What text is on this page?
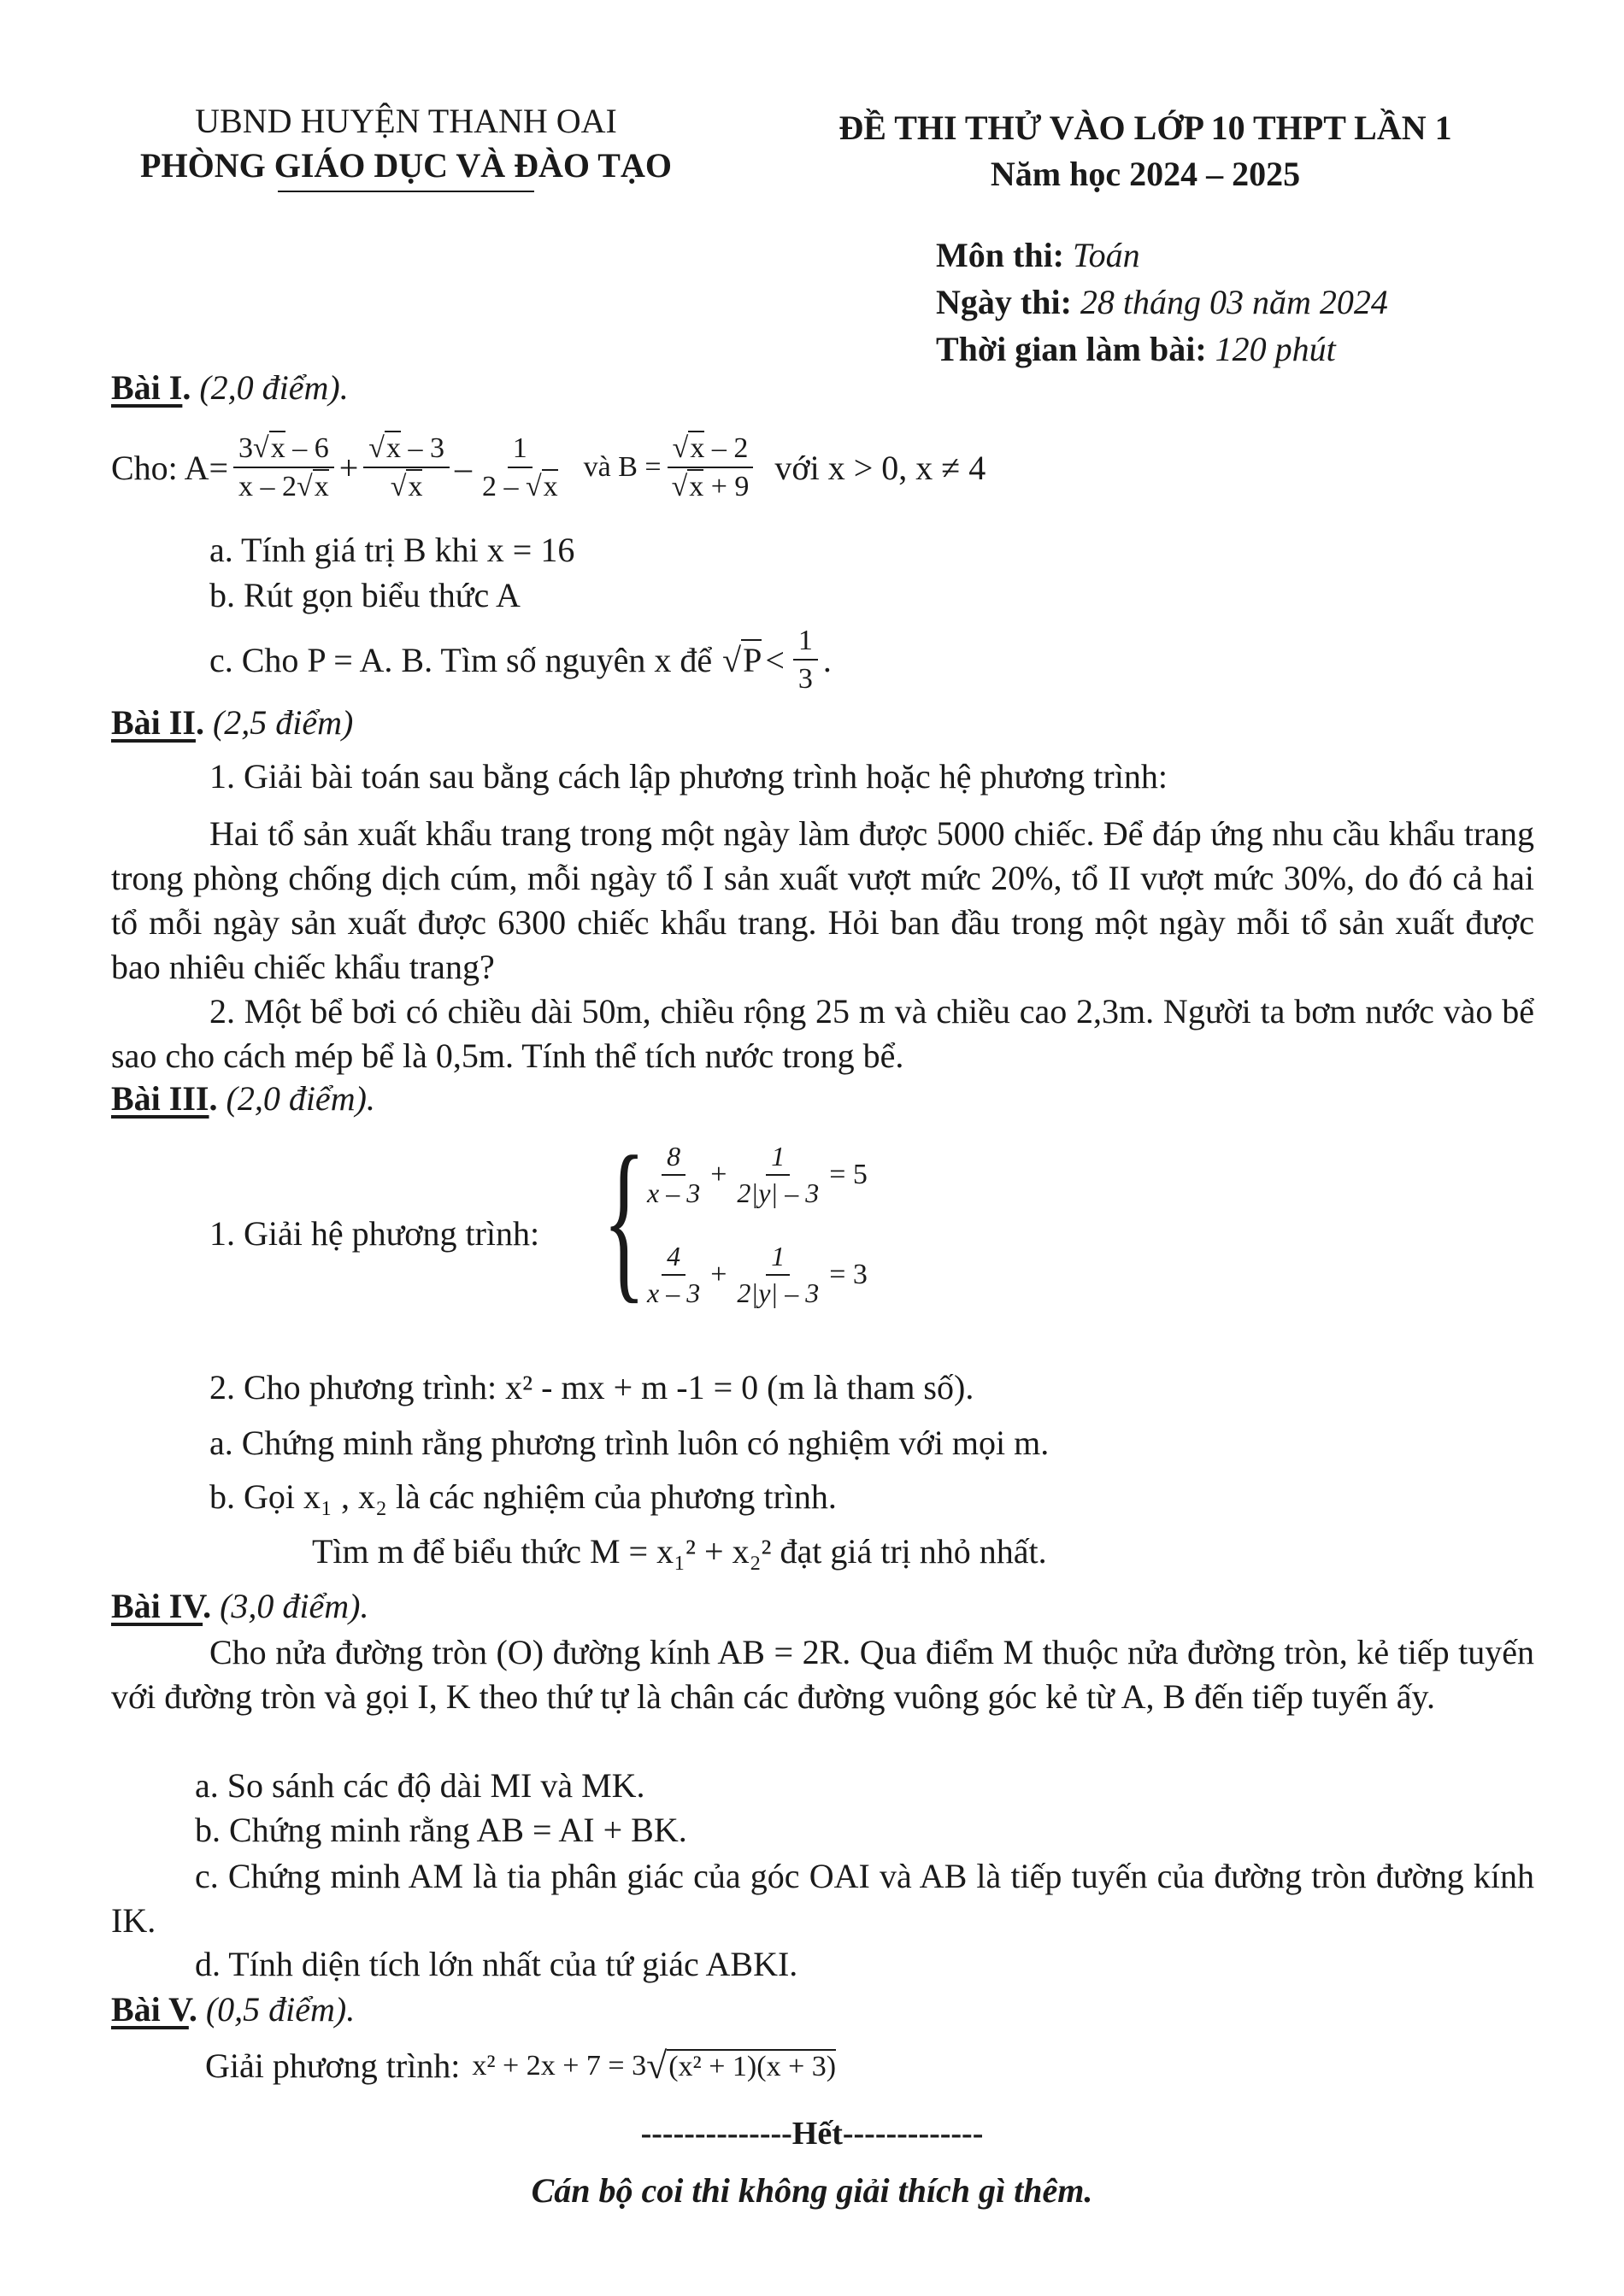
UBND HUYỆN THANH OAI
PHÒNG GIÁO DỤC VÀ ĐÀO TẠO
ĐỀ THI THỬ VÀO LỚP 10 THPT LẦN 1
Năm học 2024 – 2025
Môn thi: Toán
Ngày thi: 28 tháng 03 năm 2024
Thời gian làm bài: 120 phút
Bài I. (2,0 điểm).
Cho: $A= \frac{3√x - 6}{x - 2√x} + \frac{√x - 3}{√x} - \frac{1}{2 - √x}$ và $B = \frac{√x - 2}{√x + 9}$ với x > 0, x ≠ 4
a. Tính giá trị B khi x = 16
b. Rút gọn biểu thức A
c. Cho P = A. B. Tìm số nguyên x để $√P < \frac{1}{3}$ .
Bài II. (2,5 điểm)
1. Giải bài toán sau bằng cách lập phương trình hoặc hệ phương trình:
Hai tổ sản xuất khẩu trang trong một ngày làm được 5000 chiếc. Để đáp ứng nhu cầu khẩu trang trong phòng chống dịch cúm, mỗi ngày tổ I sản xuất vượt mức 20%, tổ II vượt mức 30%, do đó cả hai tổ mỗi ngày sản xuất được 6300 chiếc khẩu trang. Hỏi ban đầu trong một ngày mỗi tổ sản xuất được bao nhiêu chiếc khẩu trang?
2. Một bể bơi có chiều dài 50m, chiều rộng 25 m và chiều cao 2,3m. Người ta bơm nước vào bể sao cho cách mép bể là 0,5m. Tính thể tích nước trong bể.
Bài III. (2,0 điểm).
1. Giải hệ phương trình: {
$\frac{8}{x - 3} + \frac{1}{2|y| - 3} = 5$
$\frac{4}{x - 3} + \frac{1}{2|y| - 3} = 3$
2. Cho phương trình: x² - mx + m -1 = 0 (m là tham số).
a. Chứng minh rằng phương trình luôn có nghiệm với mọi m.
b. Gọi x₁ , x₂ là các nghiệm của phương trình.
Tìm m để biểu thức M = x₁² + x₂² đạt giá trị nhỏ nhất.
Bài IV. (3,0 điểm).
Cho nửa đường tròn (O) đường kính AB = 2R. Qua điểm M thuộc nửa đường tròn, kẻ tiếp tuyến với đường tròn và gọi I, K theo thứ tự là chân các đường vuông góc kẻ từ A, B đến tiếp tuyến ấy.
a. So sánh các độ dài MI và MK.
b. Chứng minh rằng AB = AI + BK.
c. Chứng minh AM là tia phân giác của góc OAI và AB là tiếp tuyến của đường tròn đường kính IK.
d. Tính diện tích lớn nhất của tứ giác ABKI.
Bài V. (0,5 điểm).
Giải phương trình: x² + 2x + 7 = 3 √ (x² + 1)(x + 3)
--------------Hết-------------
Cán bộ coi thi không giải thích gì thêm.
